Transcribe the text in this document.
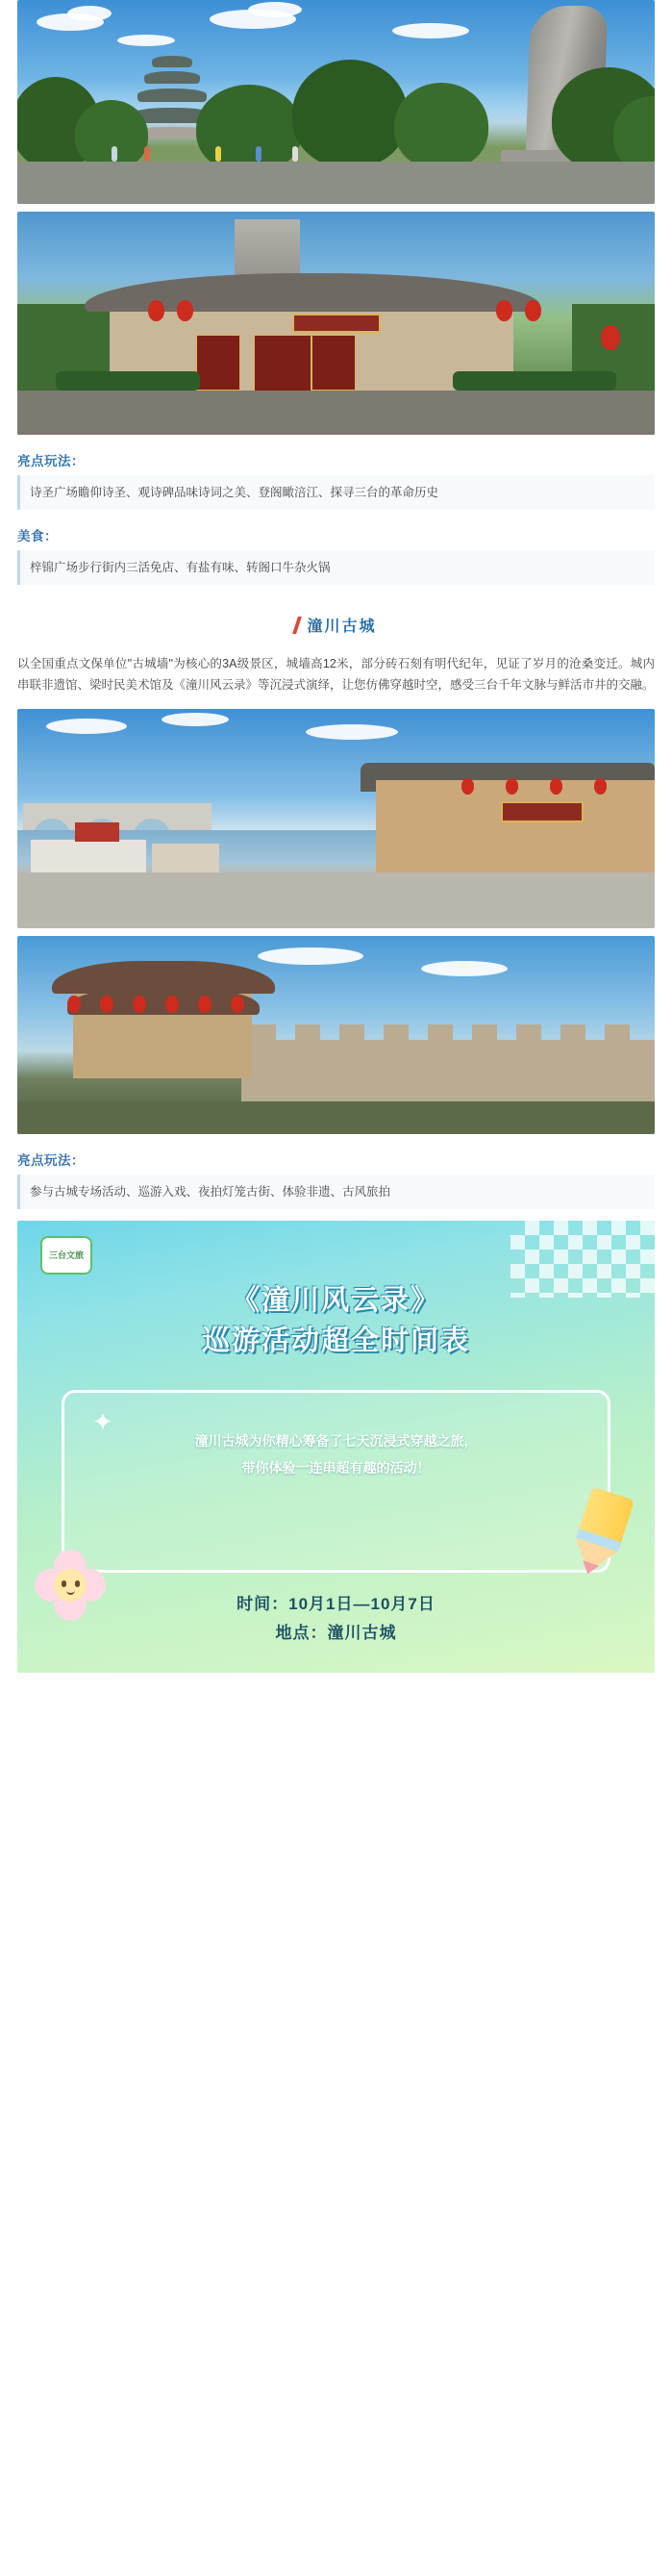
亮点玩法：
诗圣广场瞻仰诗圣、观诗碑品味诗词之美、登阁瞰涪江、探寻三台的革命历史
美食：
梓锦广场步行街内三活免店、有盐有味、转阁口牛杂火锅
潼川古城
以全国重点文保单位"古城墙"为核心的3A级景区，城墙高12米，部分砖石刻有明代纪年，见证了岁月的沧桑变迁。城内串联非遗馆、梁时民美术馆及《潼川风云录》等沉浸式演绎，让您仿佛穿越时空，感受三台千年文脉与鲜活市井的交融。
亮点玩法：
参与古城专场活动、巡游入戏、夜拍灯笼古街、体验非遗、古风旅拍
三台文旅
《潼川风云录》
巡游活动超全时间表
✦
潼川古城为你精心筹备了七天沉浸式穿越之旅，
带你体验一连串超有趣的活动！
时间：10月1日—10月7日
地点：潼川古城
